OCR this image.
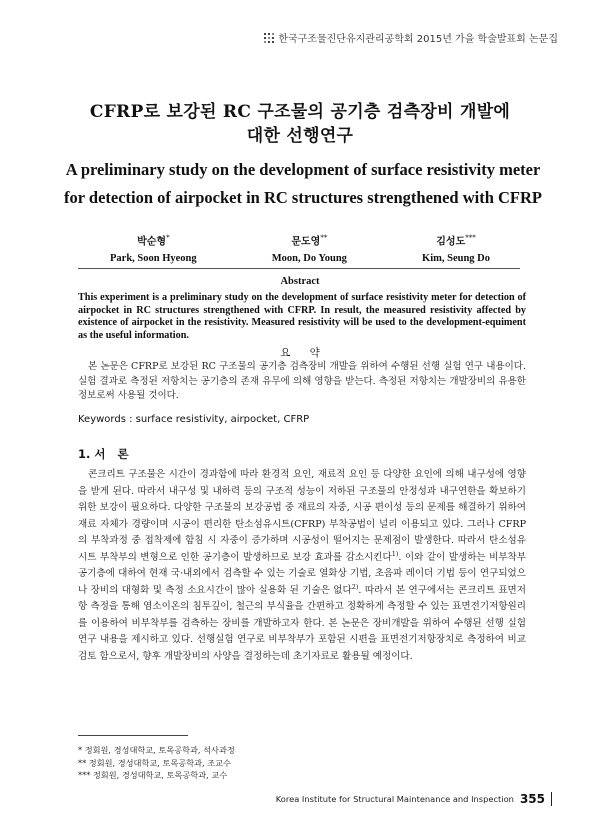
한국구조물진단유지관리공학회 2015년 가을 학술발표회 논문집
CFRP로 보강된 RC 구조물의 공기층 검측장비 개발에
대한 선행연구
A preliminary study on the development of surface resistivity meter
for detection of airpocket in RC structures strengthened with CFRP
박순형*
Park, Soon Hyeong
문도영**
Moon, Do Young
김성도***
Kim, Seung Do
Abstract
This experiment is a preliminary study on the development of surface resistivity meter for detection of airpocket in RC structures strengthened with CFRP. In result, the measured resistivity affected by existence of airpocket in the resistivity. Measured resistivity will be used to the development-equiment as the useful information.
요 약
본 논문은 CFRP로 보강된 RC 구조물의 공기층 검측장비 개발을 위하여 수행된 선행 실험 연구 내용이다. 실험 결과로 측정된 저항치는 공기층의 존재 유무에 의해 영향을 받는다. 측정된 저항치는 개발장비의 유용한 정보로써 사용될 것이다.
Keywords : surface resistivity, airpocket, CFRP
1. 서   론
콘크리트 구조물은 시간이 경과함에 따라 환경적 요인, 재료적 요인 등 다양한 요인에 의해 내구성에 영향을 받게 된다. 따라서 내구성 및 내하력 등의 구조적 성능이 저하된 구조물의 안정성과 내구연한을 확보하기 위한 보강이 필요하다. 다양한 구조물의 보강공법 중 재료의 자중, 시공 편이성 등의 문제를 해결하기 위하여 재료 자체가 경량이며 시공이 편리한 탄소섬유시트(CFRP) 부착공법이 널리 이용되고 있다. 그러나 CFRP의 부착과정 중 접착제에 함침 시 자중이 증가하며 시공성이 떨어지는 문제점이 발생한다. 따라서 탄소섬유시트 부착부의 변형으로 인한 공기층이 발생하므로 보강 효과를 감소시킨다$^{1)}$. 이와 같이 발생하는 비부착부 공기층에 대하여 현재 국·내외에서 검측할 수 있는 기술로 열화상 기법, 초음파 레이더 기법 등이 연구되었으나 장비의 대형화 및 측정 소요시간이 많아 실용화 된 기술은 없다$^{2)}$. 따라서 본 연구에서는 콘크리트 표면저항 측정을 통해 염소이온의 침투깊이, 철근의 부식율을 간편하고 정확하게 측정할 수 있는 표면전기저항원리를 이용하여 비부착부를 검측하는 장비를 개발하고자 한다. 본 논문은 장비개발을 위하여 수행된 선행 실험 연구 내용을 제시하고 있다. 선행실험 연구로 비부착부가 포함된 시편을 표면전기저항장치로 측정하여 비교검토 함으로서, 향후 개발장비의 사양을 결정하는데 초기자료로 활용될 예정이다.
* 정회원, 경성대학교, 토목공학과, 석사과정
** 정회원, 경성대학교, 토목공학과, 조교수
*** 정회원, 경성대학교, 토목공학과, 교수
Korea Institute for Structural Maintenance and Inspection 355
